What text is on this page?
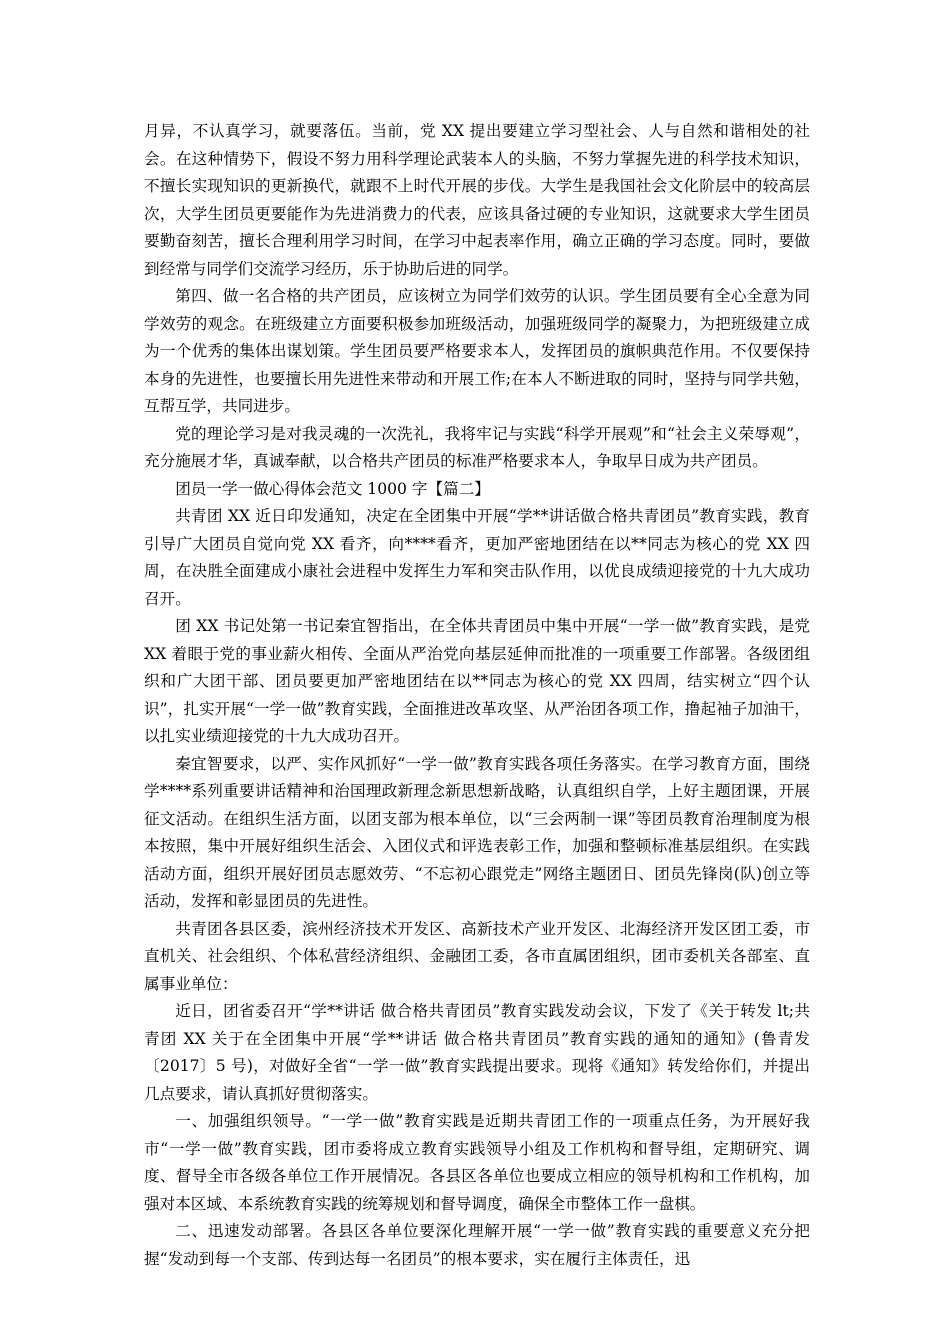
月异，不认真学习，就要落伍。当前，党 XX 提出要建立学习型社会、人与自然和谐相处的社会。在这种情势下，假设不努力用科学理论武装本人的头脑，不努力掌握先进的科学技术知识，不擅长实现知识的更新换代，就跟不上时代开展的步伐。大学生是我国社会文化阶层中的较高层次，大学生团员更要能作为先进消费力的代表，应该具备过硬的专业知识，这就要求大学生团员要勤奋刻苦，擅长合理利用学习时间，在学习中起表率作用，确立正确的学习态度。同时，要做到经常与同学们交流学习经历，乐于协助后进的同学。

第四、做一名合格的共产团员，应该树立为同学们效劳的认识。学生团员要有全心全意为同学效劳的观念。在班级建立方面要积极参加班级活动，加强班级同学的凝聚力，为把班级建立成为一个优秀的集体出谋划策。学生团员要严格要求本人，发挥团员的旗帜典范作用。不仅要保持本身的先进性，也要擅长用先进性来带动和开展工作;在本人不断进取的同时，坚持与同学共勉，互帮互学，共同进步。

党的理论学习是对我灵魂的一次洗礼，我将牢记与实践“科学开展观”和“社会主义荣辱观”，充分施展才华，真诚奉献，以合格共产团员的标准严格要求本人，争取早日成为共产团员。

团员一学一做心得体会范文 1000 字【篇二】

共青团 XX 近日印发通知，决定在全团集中开展“学**讲话做合格共青团员”教育实践，教育引导广大团员自觉向党 XX 看齐，向****看齐，更加严密地团结在以**同志为核心的党 XX 四周，在决胜全面建成小康社会进程中发挥生力军和突击队作用，以优良成绩迎接党的十九大成功召开。

团 XX 书记处第一书记秦宜智指出，在全体共青团员中集中开展“一学一做”教育实践，是党 XX 着眼于党的事业薪火相传、全面从严治党向基层延伸而批准的一项重要工作部署。各级团组织和广大团干部、团员要更加严密地团结在以**同志为核心的党 XX 四周，结实树立“四个认识”，扎实开展“一学一做”教育实践，全面推进改革攻坚、从严治团各项工作，撸起袖子加油干，以扎实业绩迎接党的十九大成功召开。

秦宜智要求，以严、实作风抓好“一学一做”教育实践各项任务落实。在学习教育方面，围绕学****系列重要讲话精神和治国理政新理念新思想新战略，认真组织自学，上好主题团课，开展征文活动。在组织生活方面，以团支部为根本单位，以“三会两制一课”等团员教育治理制度为根本按照，集中开展好组织生活会、入团仪式和评选表彰工作，加强和整顿标准基层组织。在实践活动方面，组织开展好团员志愿效劳、“不忘初心跟党走”网络主题团日、团员先锋岗(队)创立等活动，发挥和彰显团员的先进性。

共青团各县区委，滨州经济技术开发区、高新技术产业开发区、北海经济开发区团工委，市直机关、社会组织、个体私营经济组织、金融团工委，各市直属团组织，团市委机关各部室、直属事业单位：

近日，团省委召开“学**讲话 做合格共青团员”教育实践发动会议，下发了《关于转发 lt;共青团 XX 关于在全团集中开展“学**讲话 做合格共青团员”教育实践的通知的通知》(鲁青发〔2017〕5 号)，对做好全省“一学一做”教育实践提出要求。现将《通知》转发给你们，并提出几点要求，请认真抓好贯彻落实。

一、加强组织领导。“一学一做”教育实践是近期共青团工作的一项重点任务，为开展好我市“一学一做”教育实践，团市委将成立教育实践领导小组及工作机构和督导组，定期研究、调度、督导全市各级各单位工作开展情况。各县区各单位也要成立相应的领导机构和工作机构，加强对本区域、本系统教育实践的统筹规划和督导调度，确保全市整体工作一盘棋。

二、迅速发动部署。各县区各单位要深化理解开展“一学一做”教育实践的重要意义充分把握“发动到每一个支部、传到达每一名团员”的根本要求，实在履行主体责任，迅
